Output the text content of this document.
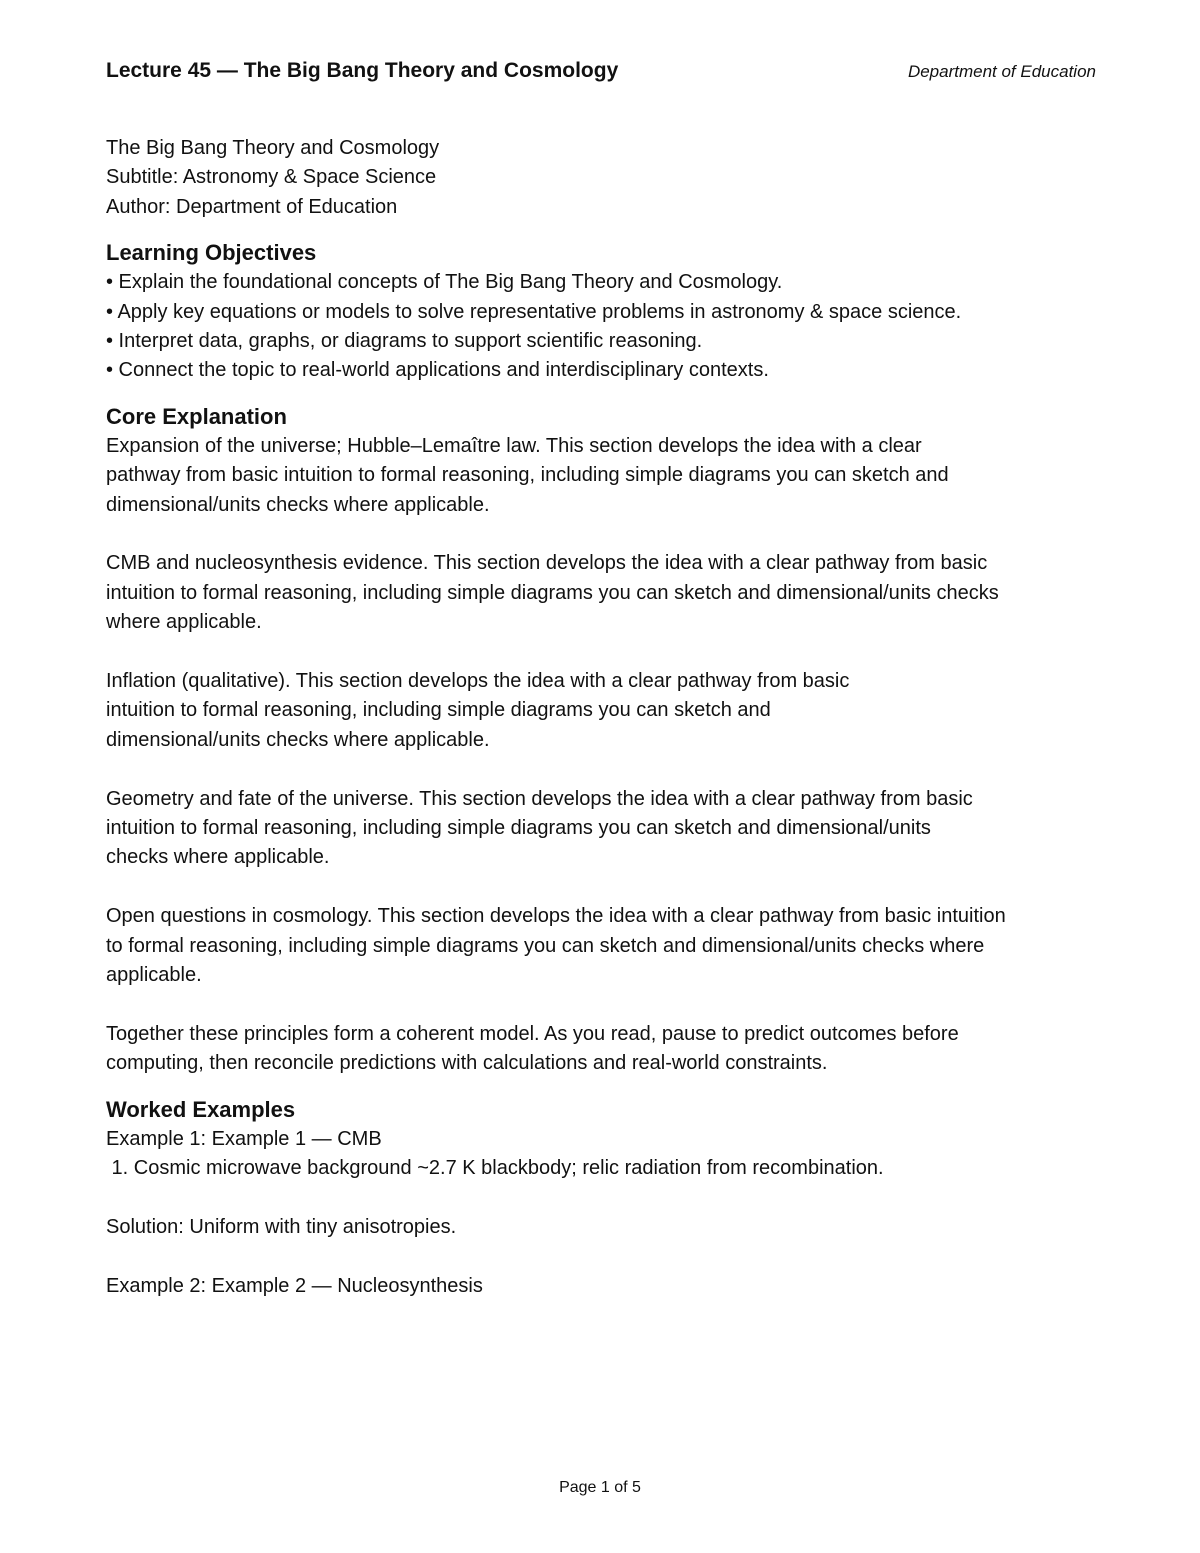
Lecture 45 — The Big Bang Theory and Cosmology	Department of Education

The Big Bang Theory and Cosmology

Subtitle: Astronomy & Space Science

Author: Department of Education

Learning Objectives

• Explain the foundational concepts of The Big Bang Theory and Cosmology.

• Apply key equations or models to solve representative problems in astronomy & space science.

• Interpret data, graphs, or diagrams to support scientific reasoning.

• Connect the topic to real-world applications and interdisciplinary contexts.

Core Explanation

Expansion of the universe; Hubble–Lemaître law. This section develops the idea with a clear pathway from basic intuition to formal reasoning, including simple diagrams you can sketch and dimensional/units checks where applicable.

CMB and nucleosynthesis evidence. This section develops the idea with a clear pathway from basic intuition to formal reasoning, including simple diagrams you can sketch and dimensional/units checks where applicable.

Inflation (qualitative). This section develops the idea with a clear pathway from basic intuition to formal reasoning, including simple diagrams you can sketch and dimensional/units checks where applicable.

Geometry and fate of the universe. This section develops the idea with a clear pathway from basic intuition to formal reasoning, including simple diagrams you can sketch and dimensional/units checks where applicable.

Open questions in cosmology. This section develops the idea with a clear pathway from basic intuition to formal reasoning, including simple diagrams you can sketch and dimensional/units checks where applicable.

Together these principles form a coherent model. As you read, pause to predict outcomes before computing, then reconcile predictions with calculations and real-world constraints.

Worked Examples

Example 1: Example 1 — CMB

1. Cosmic microwave background ~2.7 K blackbody; relic radiation from recombination.

Solution: Uniform with tiny anisotropies.

Example 2: Example 2 — Nucleosynthesis

Page 1 of 5
